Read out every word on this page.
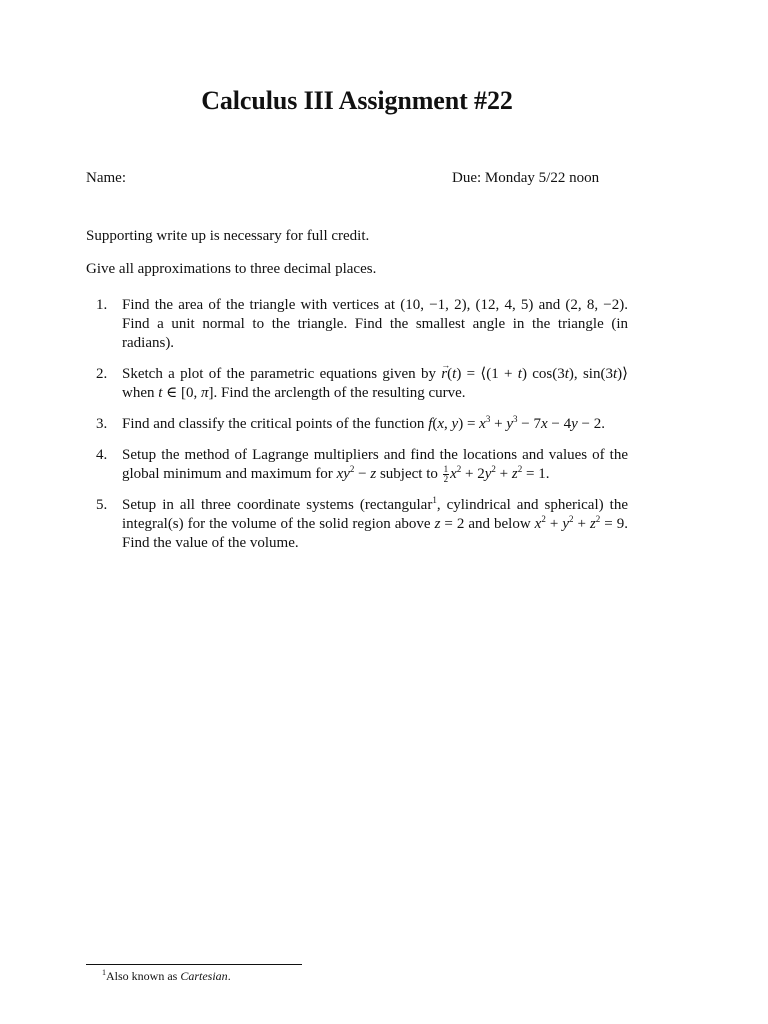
Calculus III Assignment #22
Name:	Due: Monday 5/22 noon
Supporting write up is necessary for full credit.
Give all approximations to three decimal places.
1. Find the area of the triangle with vertices at (10, −1, 2), (12, 4, 5) and (2, 8, −2). Find a unit normal to the triangle. Find the smallest angle in the triangle (in radians).
2. Sketch a plot of the parametric equations given by → r(t) = ⟨(1 + t) cos(3t), sin(3t)⟩ when t ∈ [0, π]. Find the arclength of the resulting curve.
3. Find and classify the critical points of the function f(x, $y) = x^3 + y^3 - 7x - 4y - 2$.
4. Setup the method of Lagrange multipliers and find the locations and values of the global minimum and maximum for $xy^2 - z$ subject to $\frac{1}{2} x^2 + 2y^2 + z^2 = 1$.
5. Setup in all three coordinate systems (rectangular$^1$, cylindrical and spherical) the integral(s) for the volume of the solid region above z = 2 and below $x^2 + y^2 + z^2 = 9$. Find the value of the volume.
$^1$Also known as Cartesian.
